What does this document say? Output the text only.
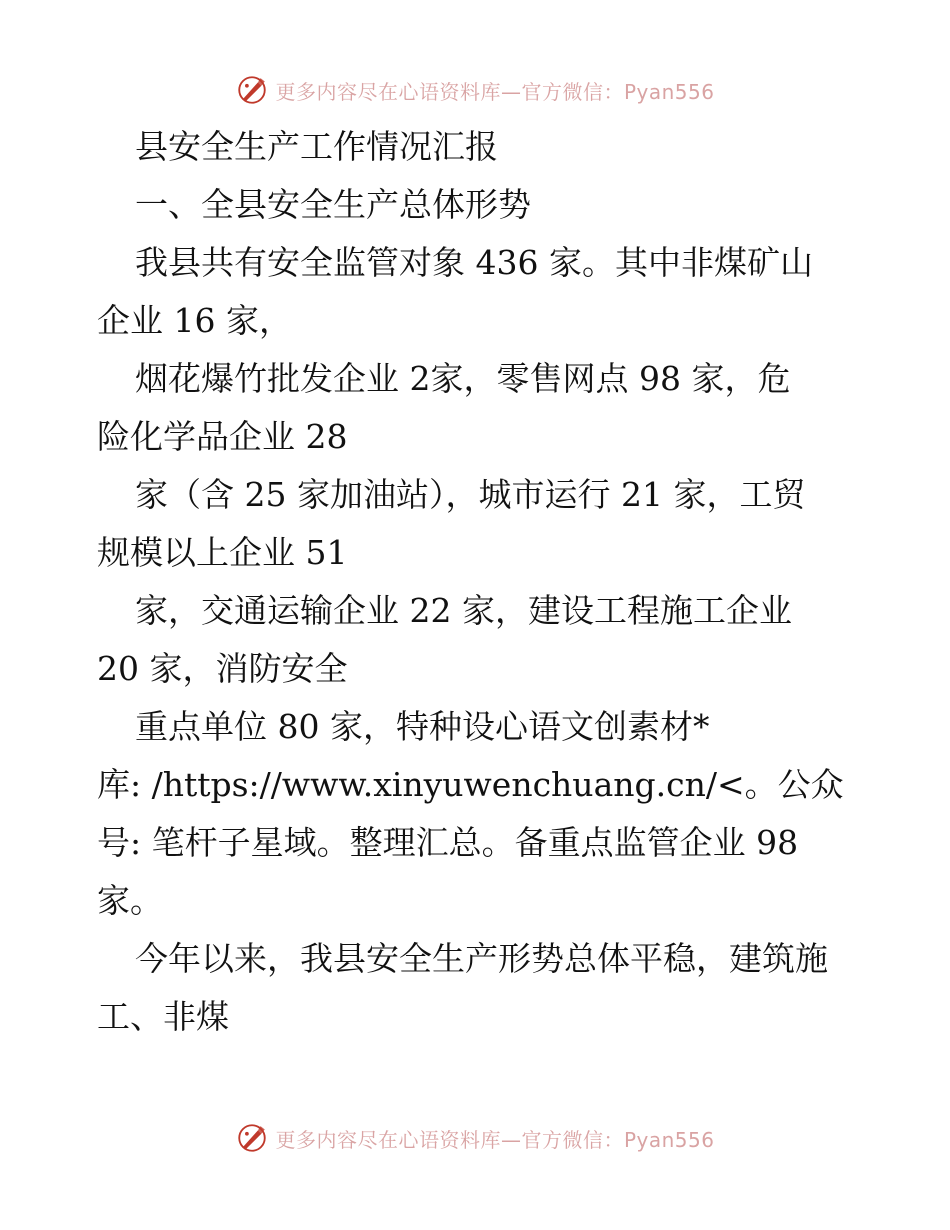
更多内容尽在心语资料库—官方微信：Pyan556
县安全生产工作情况汇报
一、全县安全生产总体形势
我县共有安全监管对象 436 家。其中非煤矿山
企业 16 家，
烟花爆竹批发企业 2家，零售网点 98 家，危
险化学品企业 28
家（含 25 家加油站），城市运行 21 家，工贸
规模以上企业 51
家，交通运输企业 22 家，建设工程施工企业
20 家，消防安全
重点单位 80 家，特种设心语文创素材*
库: /https://www.xinyuwenchuang.cn/<。公众
号: 笔杆子星域。整理汇总。备重点监管企业 98
家。
今年以来，我县安全生产形势总体平稳，建筑施
工、非煤
更多内容尽在心语资料库—官方微信：Pyan556
